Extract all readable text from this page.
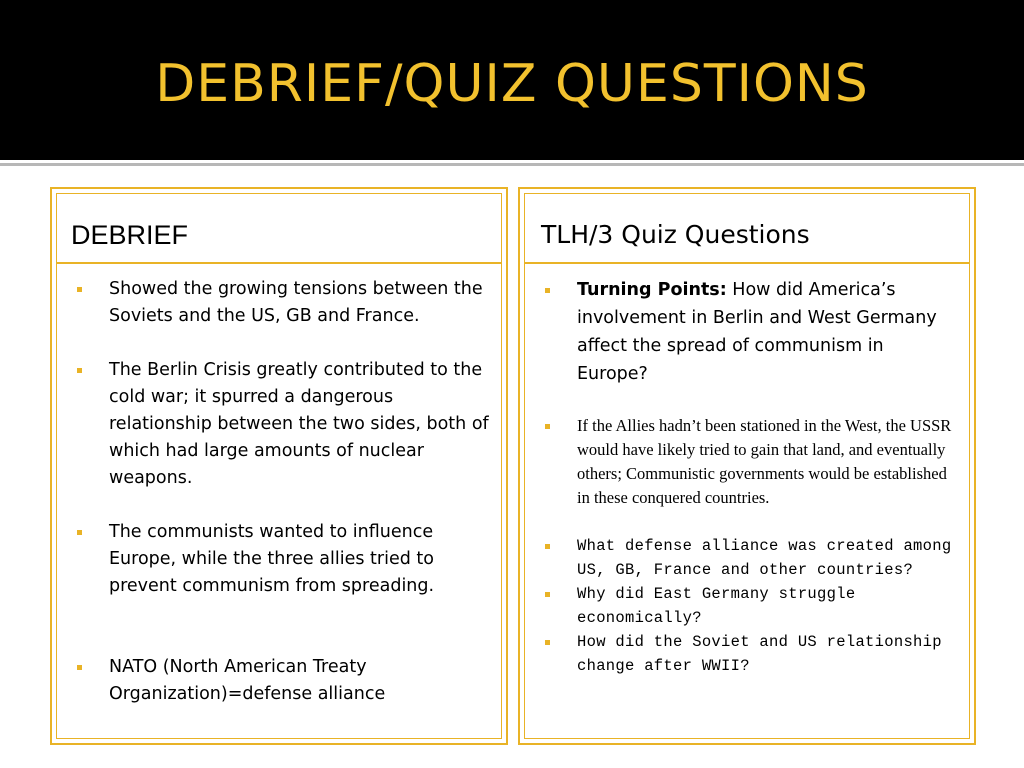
DEBRIEF/QUIZ QUESTIONS
DEBRIEF
Showed the growing tensions between the Soviets and the US, GB and France.
The Berlin Crisis greatly contributed to the cold war; it spurred a dangerous relationship between the two sides, both of which had large amounts of nuclear weapons.
The communists wanted to influence Europe, while the three allies tried to prevent communism from spreading.
NATO (North American Treaty Organization)=defense alliance
TLH/3 Quiz Questions
Turning Points: How did America’s involvement in Berlin and West Germany affect the spread of communism in Europe?
If the Allies hadn’t been stationed in the West, the USSR would have likely tried to gain that land, and eventually others; Communistic governments would be established in these conquered countries.
What defense alliance was created among US, GB, France and other countries?
Why did East Germany struggle economically?
How did the Soviet and US relationship change after WWII?
